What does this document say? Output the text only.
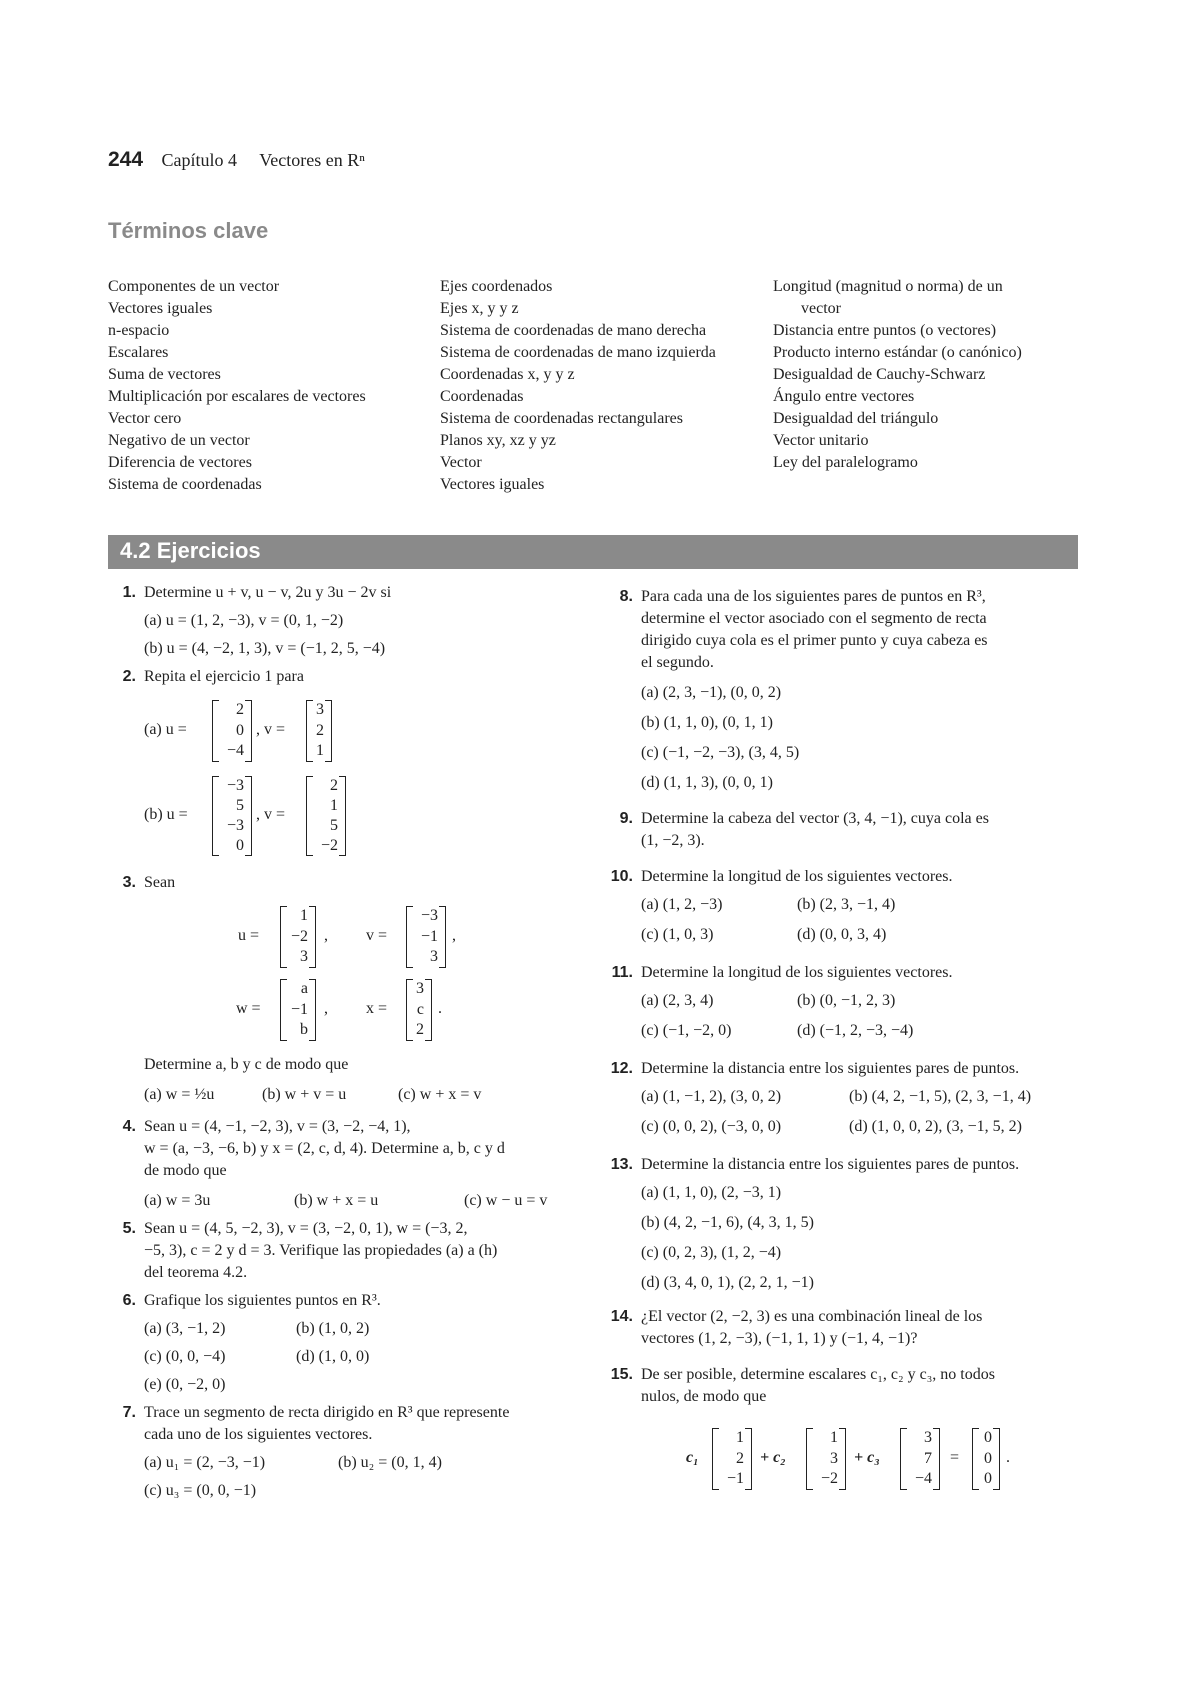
244 Capítulo 4 Vectores en Rⁿ
Términos clave
Componentes de un vector
Vectores iguales
n-espacio
Escalares
Suma de vectores
Multiplicación por escalares de vectores
Vector cero
Negativo de un vector
Diferencia de vectores
Sistema de coordenadas
Ejes coordenados
Ejes x, y y z
Sistema de coordenadas de mano derecha
Sistema de coordenadas de mano izquierda
Coordenadas x, y y z
Coordenadas
Sistema de coordenadas rectangulares
Planos xy, xz y yz
Vector
Vectores iguales
Longitud (magnitud o norma) de un
vector
Distancia entre puntos (o vectores)
Producto interno estándar (o canónico)
Desigualdad de Cauchy-Schwarz
Ángulo entre vectores
Desigualdad del triángulo
Vector unitario
Ley del paralelogramo
4.2 Ejercicios
1. Determine u + v, u − v, 2u y 3u − 2v si
(a) u = (1, 2, −3), v = (0, 1, −2)
(b) u = (4, −2, 1, 3), v = (−1, 2, 5, −4)
2. Repita el ejercicio 1 para
(a) u =
2
0
−4
, v =
3
2
1
(b) u =
−3
5
−3
0
, v =
2
1
5
−2
3. Sean
u =
1
−2
3
, v =
−3
−1
3
,
w =
a
−1
b
, x =
3
c
2
.
Determine a, b y c de modo que
(a) w = ½u	(b) w + v = u	(c) w + x = v
4. Sean u = (4, −1, −2, 3), v = (3, −2, −4, 1),
w = (a, −3, −6, b) y x = (2, c, d, 4). Determine a, b, c y d
de modo que
(a) w = 3u	(b) w + x = u	(c) w − u = v
5. Sean u = (4, 5, −2, 3), v = (3, −2, 0, 1), w = (−3, 2,
−5, 3), c = 2 y d = 3. Verifique las propiedades (a) a (h)
del teorema 4.2.
6. Grafique los siguientes puntos en R³.
(a) (3, −1, 2)	(b) (1, 0, 2)
(c) (0, 0, −4)	(d) (1, 0, 0)
(e) (0, −2, 0)
7. Trace un segmento de recta dirigido en R³ que represente
cada uno de los siguientes vectores.
(a) u₁ = (2, −3, −1)	(b) u₂ = (0, 1, 4)
(c) u₃ = (0, 0, −1)
8. Para cada una de los siguientes pares de puntos en R³,
determine el vector asociado con el segmento de recta
dirigido cuya cola es el primer punto y cuya cabeza es
el segundo.
(a) (2, 3, −1), (0, 0, 2)
(b) (1, 1, 0), (0, 1, 1)
(c) (−1, −2, −3), (3, 4, 5)
(d) (1, 1, 3), (0, 0, 1)
9. Determine la cabeza del vector (3, 4, −1), cuya cola es
(1, −2, 3).
10. Determine la longitud de los siguientes vectores.
(a) (1, 2, −3)	(b) (2, 3, −1, 4)
(c) (1, 0, 3)	(d) (0, 0, 3, 4)
11. Determine la longitud de los siguientes vectores.
(a) (2, 3, 4)	(b) (0, −1, 2, 3)
(c) (−1, −2, 0)	(d) (−1, 2, −3, −4)
12. Determine la distancia entre los siguientes pares de puntos.
(a) (1, −1, 2), (3, 0, 2)	(b) (4, 2, −1, 5), (2, 3, −1, 4)
(c) (0, 0, 2), (−3, 0, 0)	(d) (1, 0, 0, 2), (3, −1, 5, 2)
13. Determine la distancia entre los siguientes pares de puntos.
(a) (1, 1, 0), (2, −3, 1)
(b) (4, 2, −1, 6), (4, 3, 1, 5)
(c) (0, 2, 3), (1, 2, −4)
(d) (3, 4, 0, 1), (2, 2, 1, −1)
14. ¿El vector (2, −2, 3) es una combinación lineal de los
vectores (1, 2, −3), (−1, 1, 1) y (−1, 4, −1)?
15. De ser posible, determine escalares c₁, c₂ y c₃, no todos
nulos, de modo que
c₁
1
2
−1
+ c₂
1
3
−2
+ c₃
3
7
−4
=
0
0
0
.
